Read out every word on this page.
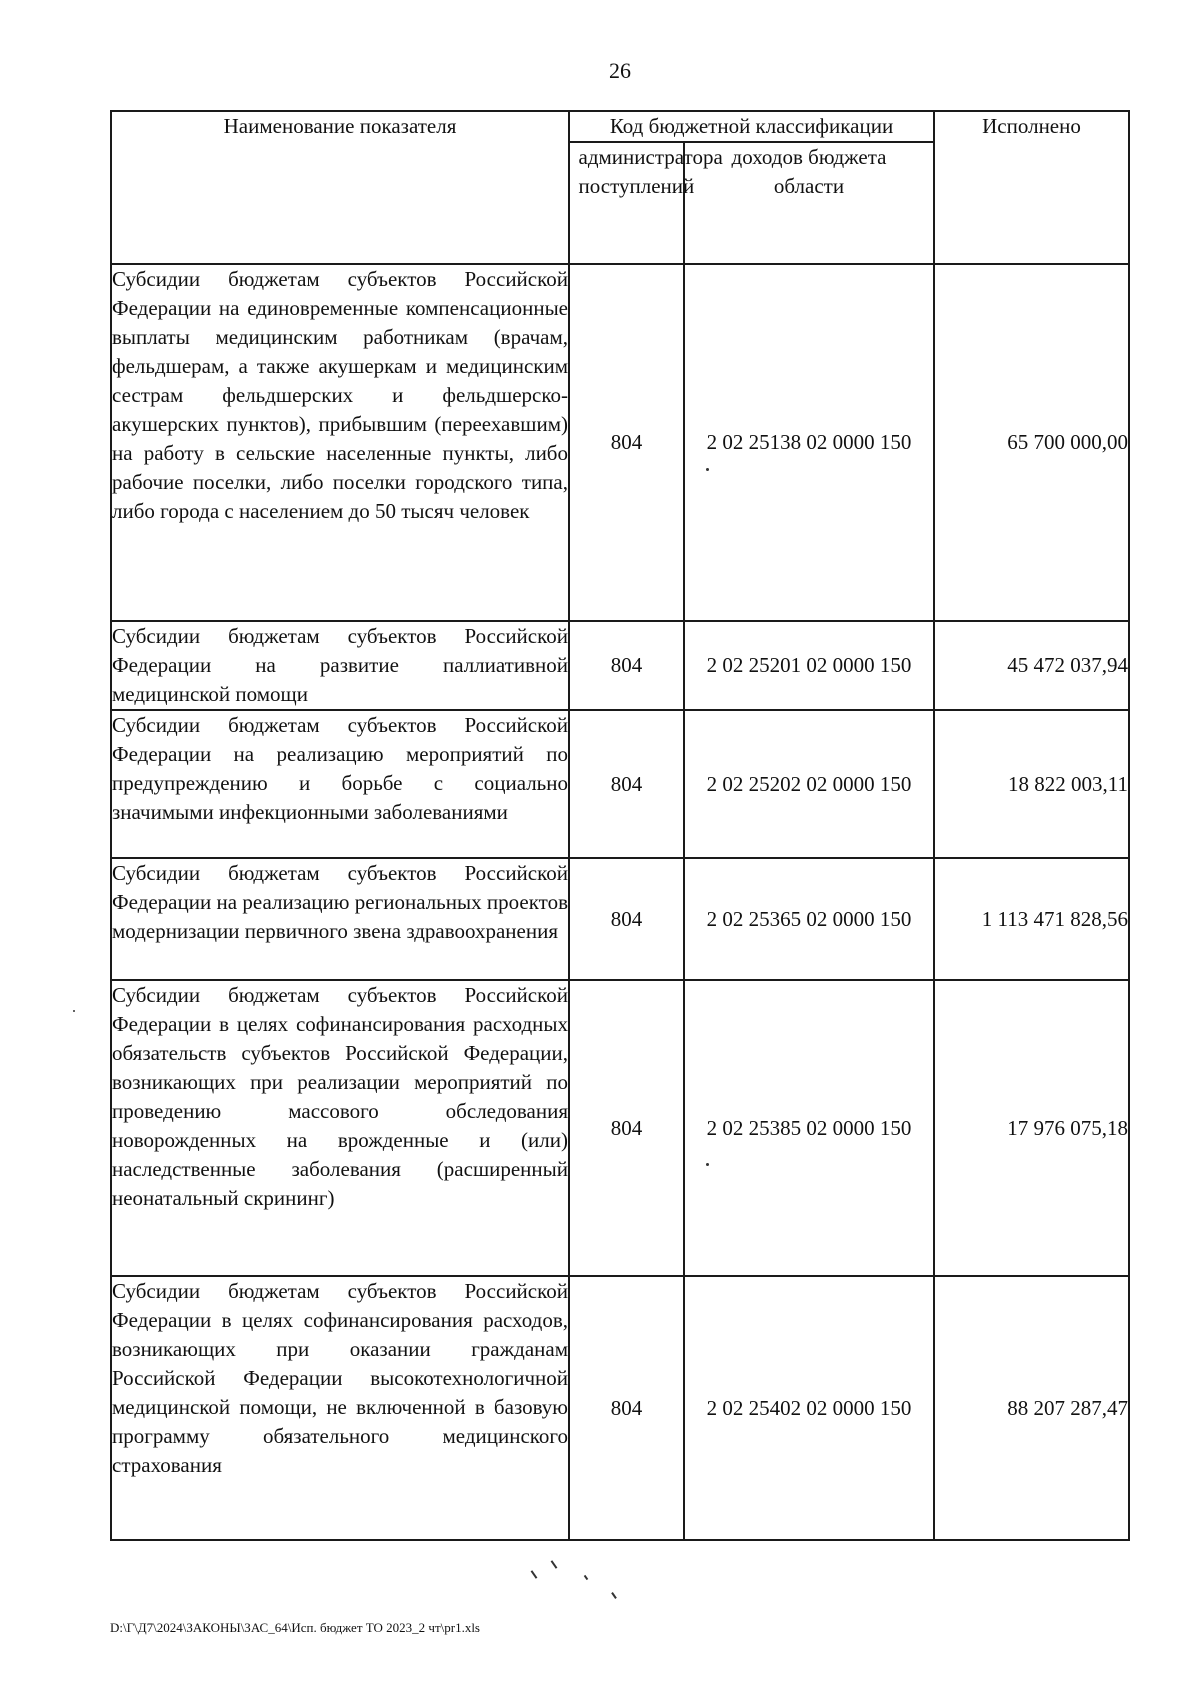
26
Наименование показателя	Код бюджетной классификации		Исполнено

	администратора поступлений	доходов бюджета области	

Субсидии бюджетам субъектов Российской Федерации на единовременные компенсационные выплаты медицинским работникам (врачам, фельдшерам, а также акушеркам и медицинским сестрам фельдшерских и фельдшерско-акушерских пунктов), прибывшим (переехавшим) на работу в сельские населенные пункты, либо рабочие поселки, либо поселки городского типа, либо города с населением до 50 тысяч человек	804	2 02 25138 02 0000 150	65 700 000,00
Субсидии бюджетам субъектов Российской Федерации на развитие паллиативной медицинской помощи	804	2 02 25201 02 0000 150	45 472 037,94
Субсидии бюджетам субъектов Российской Федерации на реализацию мероприятий по предупреждению и борьбе с социально значимыми инфекционными заболеваниями	804	2 02 25202 02 0000 150	18 822 003,11
Субсидии бюджетам субъектов Российской Федерации на реализацию региональных проектов модернизации первичного звена здравоохранения	804	2 02 25365 02 0000 150	1 113 471 828,56
Субсидии бюджетам субъектов Российской Федерации в целях софинансирования расходных обязательств субъектов Российской Федерации, возникающих при реализации мероприятий по проведению массового обследования новорожденных на врожденные и (или) наследственные заболевания (расширенный неонатальный скрининг)	804	2 02 25385 02 0000 150	17 976 075,18
Субсидии бюджетам субъектов Российской Федерации в целях софинансирования расходов, возникающих при оказании гражданам Российской Федерации высокотехнологичной медицинской помощи, не включенной в базовую программу обязательного медицинского страхования	804	2 02 25402 02 0000 150	88 207 287,47
D:\Г\Д7\2024\ЗАКОНЫ\ЗАС_64\Исп. бюджет ТО 2023_2 чт\pr1.xls
